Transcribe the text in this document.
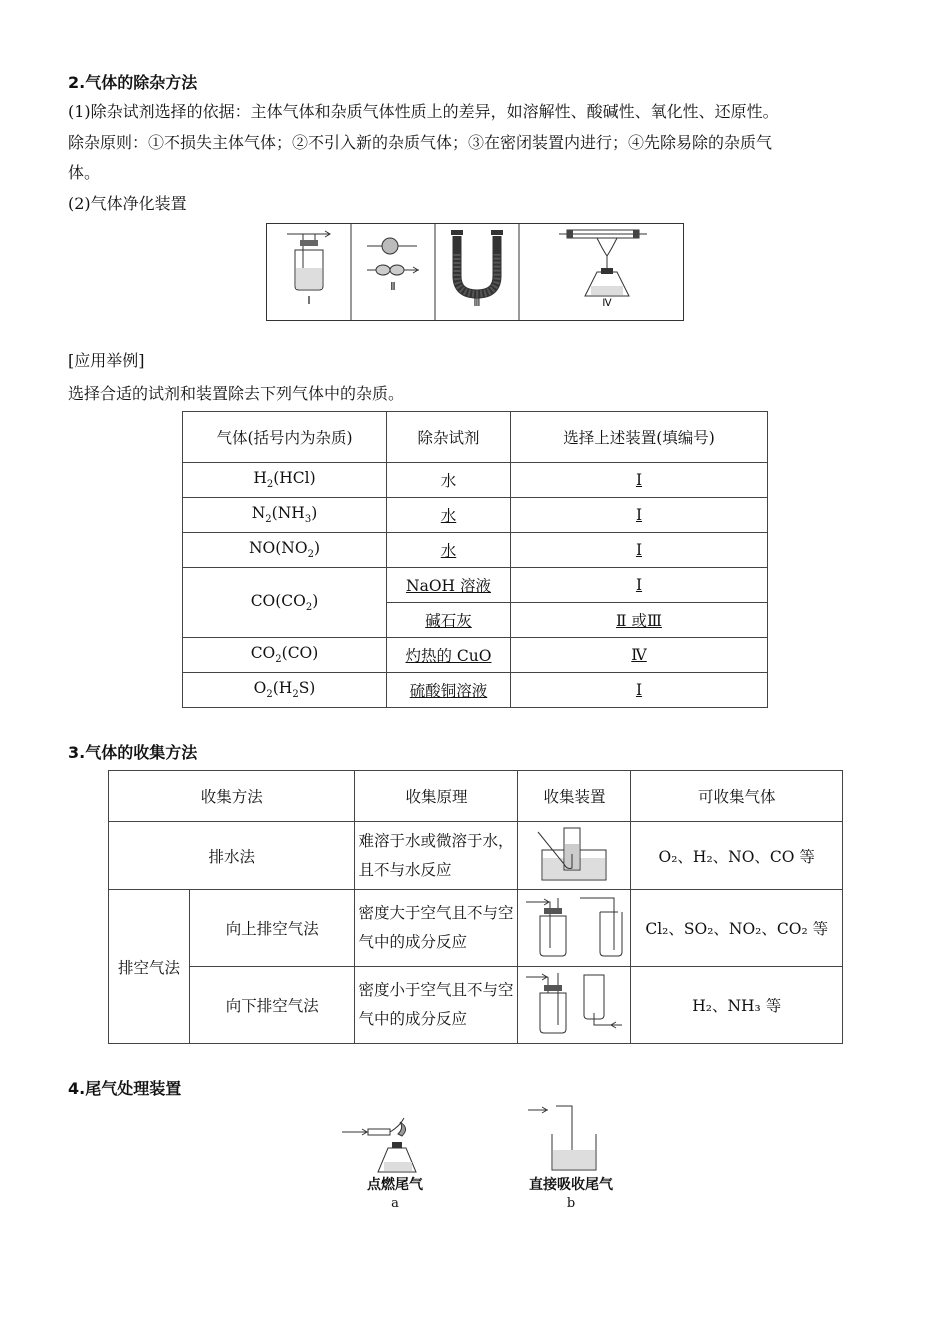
2.气体的除杂方法
(1)除杂试剂选择的依据：主体气体和杂质气体性质上的差异，如溶解性、酸碱性、氧化性、还原性。
除杂原则：①不损失主体气体；②不引入新的杂质气体；③在密闭装置内进行；④先除易除的杂质气
体。
(2)气体净化装置
Ⅰ
Ⅱ
Ⅲ	Ⅳ
[应用举例]
选择合适的试剂和装置除去下列气体中的杂质。
气体(括号内为杂质)	除杂试剂	选择上述装置(填编号)
$H_2(HCl)$	水	Ⅰ
$N_2(NH_3)$	水	Ⅰ
$NO(NO_2)$	水	Ⅰ
$CO(CO_2)$	NaOH 溶液	Ⅰ
	碱石灰	Ⅱ 或Ⅲ
$CO_2(CO)$	灼热的 CuO	Ⅳ
$O_2(H_2S)$	硫酸铜溶液	Ⅰ
3.气体的收集方法
收集方法		收集原理	收集装置	可收集气体
排水法		难溶于水或微溶于水，且不与水反应		O₂、H₂、NO、CO 等
排空气法	向上排空气法	密度大于空气且不与空气中的成分反应		Cl₂、SO₂、NO₂、CO₂ 等
	向下排空气法	密度小于空气且不与空气中的成分反应		H₂、NH₃ 等
4.尾气处理装置
点燃尾气
a
直接吸收尾气
b
